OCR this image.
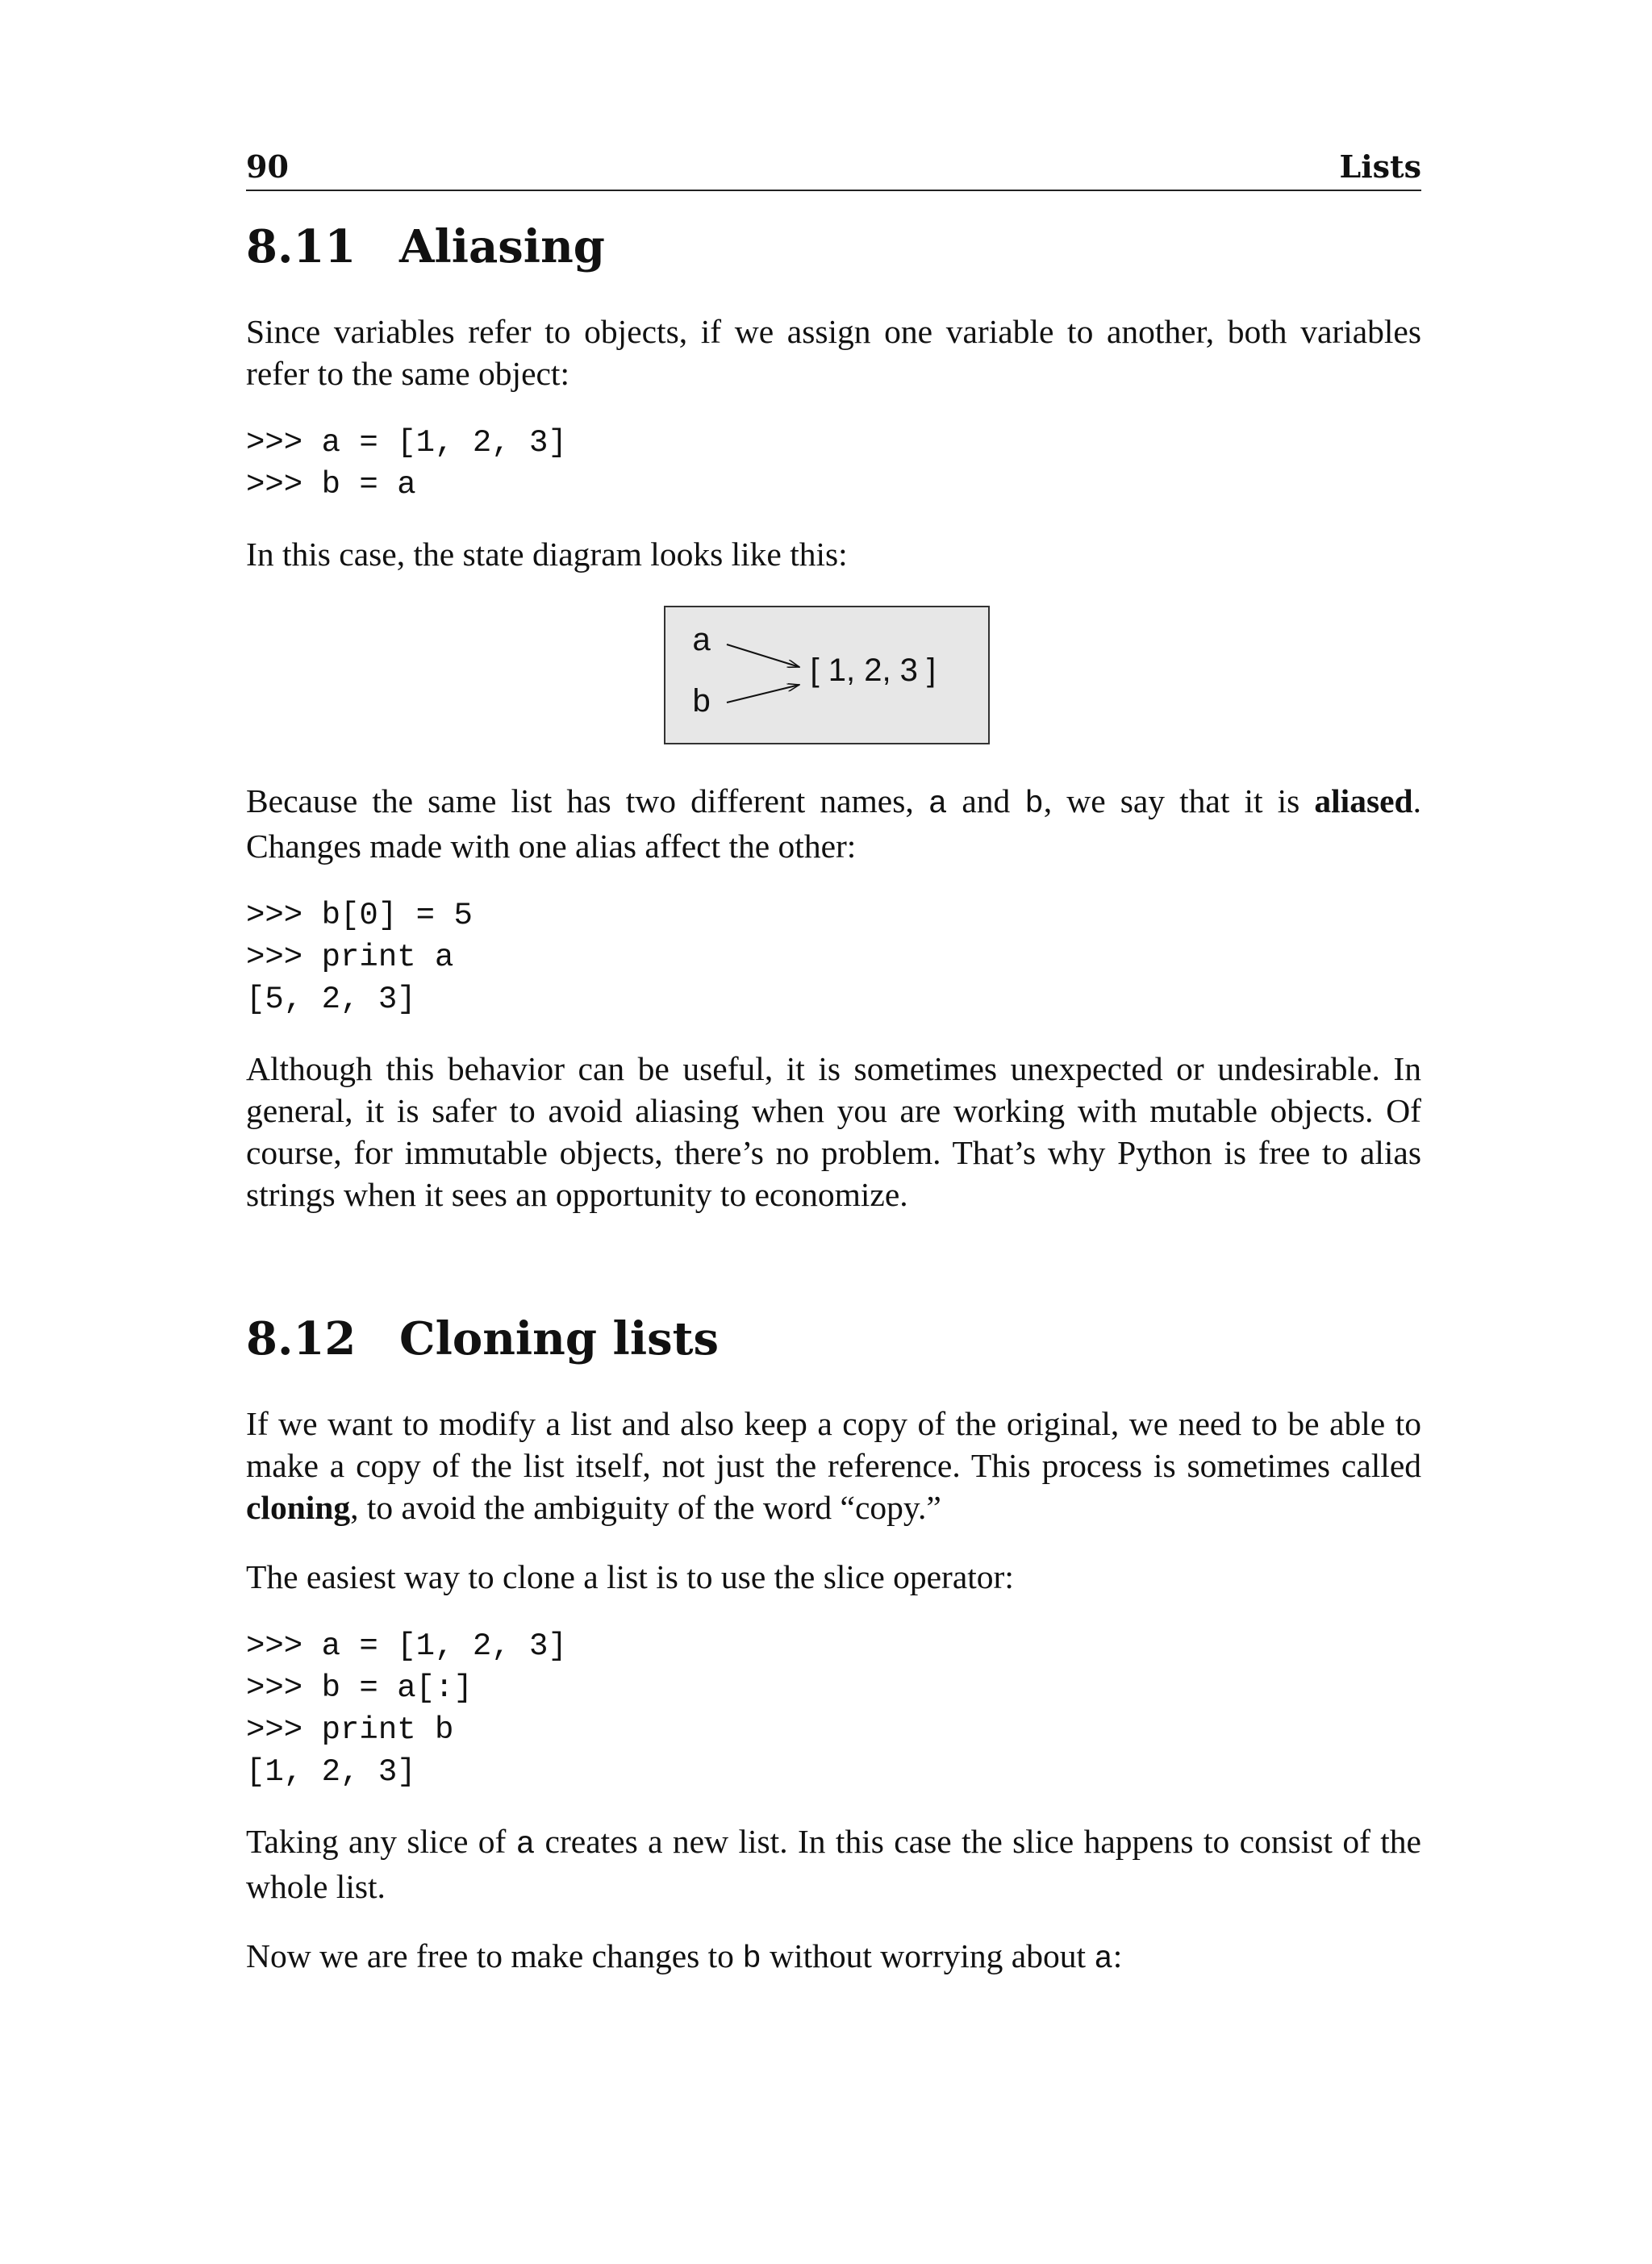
90	Lists
8.11 Aliasing

Since variables refer to objects, if we assign one variable to another, both variables refer to the same object:

>>> a = [1, 2, 3]
>>> b = a

In this case, the state diagram looks like this:

a
b
[ 1, 2, 3 ]

Because the same list has two different names, a and b, we say that it is aliased. Changes made with one alias affect the other:

>>> b[0] = 5
>>> print a
[5, 2, 3]

Although this behavior can be useful, it is sometimes unexpected or undesirable. In general, it is safer to avoid aliasing when you are working with mutable objects. Of course, for immutable objects, there’s no problem. That’s why Python is free to alias strings when it sees an opportunity to economize.

8.12 Cloning lists

If we want to modify a list and also keep a copy of the original, we need to be able to make a copy of the list itself, not just the reference. This process is sometimes called cloning, to avoid the ambiguity of the word “copy.”

The easiest way to clone a list is to use the slice operator:

>>> a = [1, 2, 3]
>>> b = a[:]
>>> print b
[1, 2, 3]

Taking any slice of a creates a new list. In this case the slice happens to consist of the whole list.

Now we are free to make changes to b without worrying about a:
